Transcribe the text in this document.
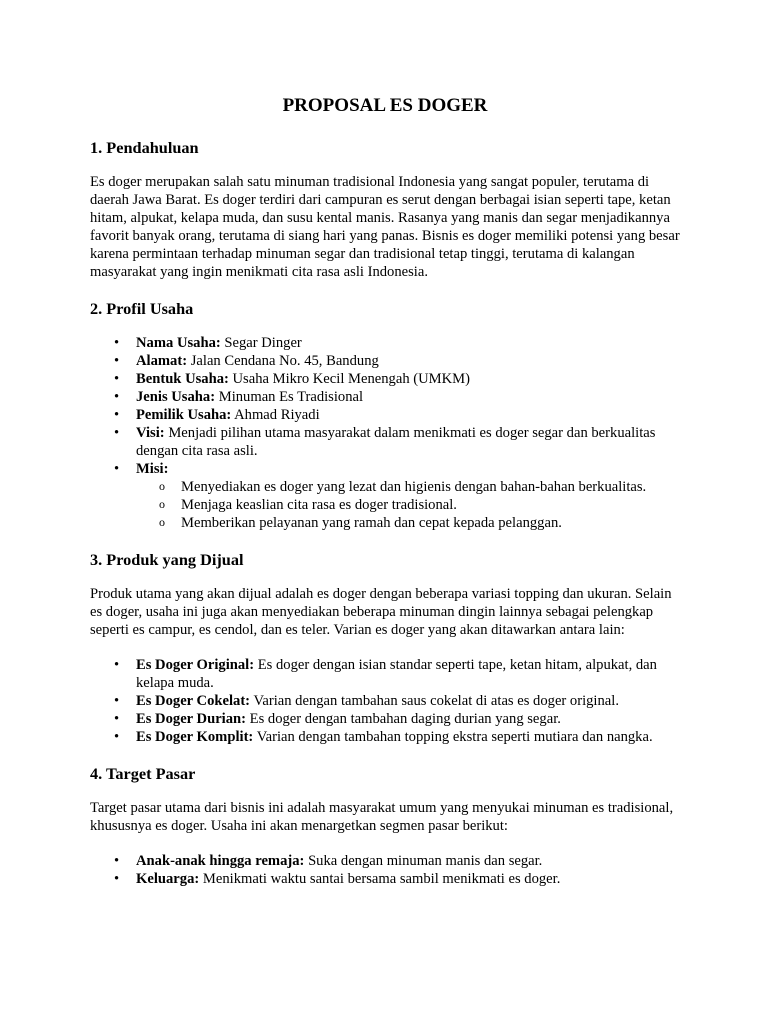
PROPOSAL ES DOGER
1. Pendahuluan

Es doger merupakan salah satu minuman tradisional Indonesia yang sangat populer, terutama di daerah Jawa Barat. Es doger terdiri dari campuran es serut dengan berbagai isian seperti tape, ketan hitam, alpukat, kelapa muda, dan susu kental manis. Rasanya yang manis dan segar menjadikannya favorit banyak orang, terutama di siang hari yang panas. Bisnis es doger memiliki potensi yang besar karena permintaan terhadap minuman segar dan tradisional tetap tinggi, terutama di kalangan masyarakat yang ingin menikmati cita rasa asli Indonesia.

2. Profil Usaha
• Nama Usaha: Segar Dinger
• Alamat: Jalan Cendana No. 45, Bandung
• Bentuk Usaha: Usaha Mikro Kecil Menengah (UMKM)
• Jenis Usaha: Minuman Es Tradisional
• Pemilik Usaha: Ahmad Riyadi
• Visi: Menjadi pilihan utama masyarakat dalam menikmati es doger segar dan berkualitas dengan cita rasa asli.
• Misi:
o Menyediakan es doger yang lezat dan higienis dengan bahan-bahan berkualitas.
o Menjaga keaslian cita rasa es doger tradisional.
o Memberikan pelayanan yang ramah dan cepat kepada pelanggan.
3. Produk yang Dijual

Produk utama yang akan dijual adalah es doger dengan beberapa variasi topping dan ukuran. Selain es doger, usaha ini juga akan menyediakan beberapa minuman dingin lainnya sebagai pelengkap seperti es campur, es cendol, dan es teler. Varian es doger yang akan ditawarkan antara lain:

• Es Doger Original: Es doger dengan isian standar seperti tape, ketan hitam, alpukat, dan kelapa muda.
• Es Doger Cokelat: Varian dengan tambahan saus cokelat di atas es doger original.
• Es Doger Durian: Es doger dengan tambahan daging durian yang segar.
• Es Doger Komplit: Varian dengan tambahan topping ekstra seperti mutiara dan nangka.
4. Target Pasar

Target pasar utama dari bisnis ini adalah masyarakat umum yang menyukai minuman es tradisional, khususnya es doger. Usaha ini akan menargetkan segmen pasar berikut:

• Anak-anak hingga remaja: Suka dengan minuman manis dan segar.
• Keluarga: Menikmati waktu santai bersama sambil menikmati es doger.
